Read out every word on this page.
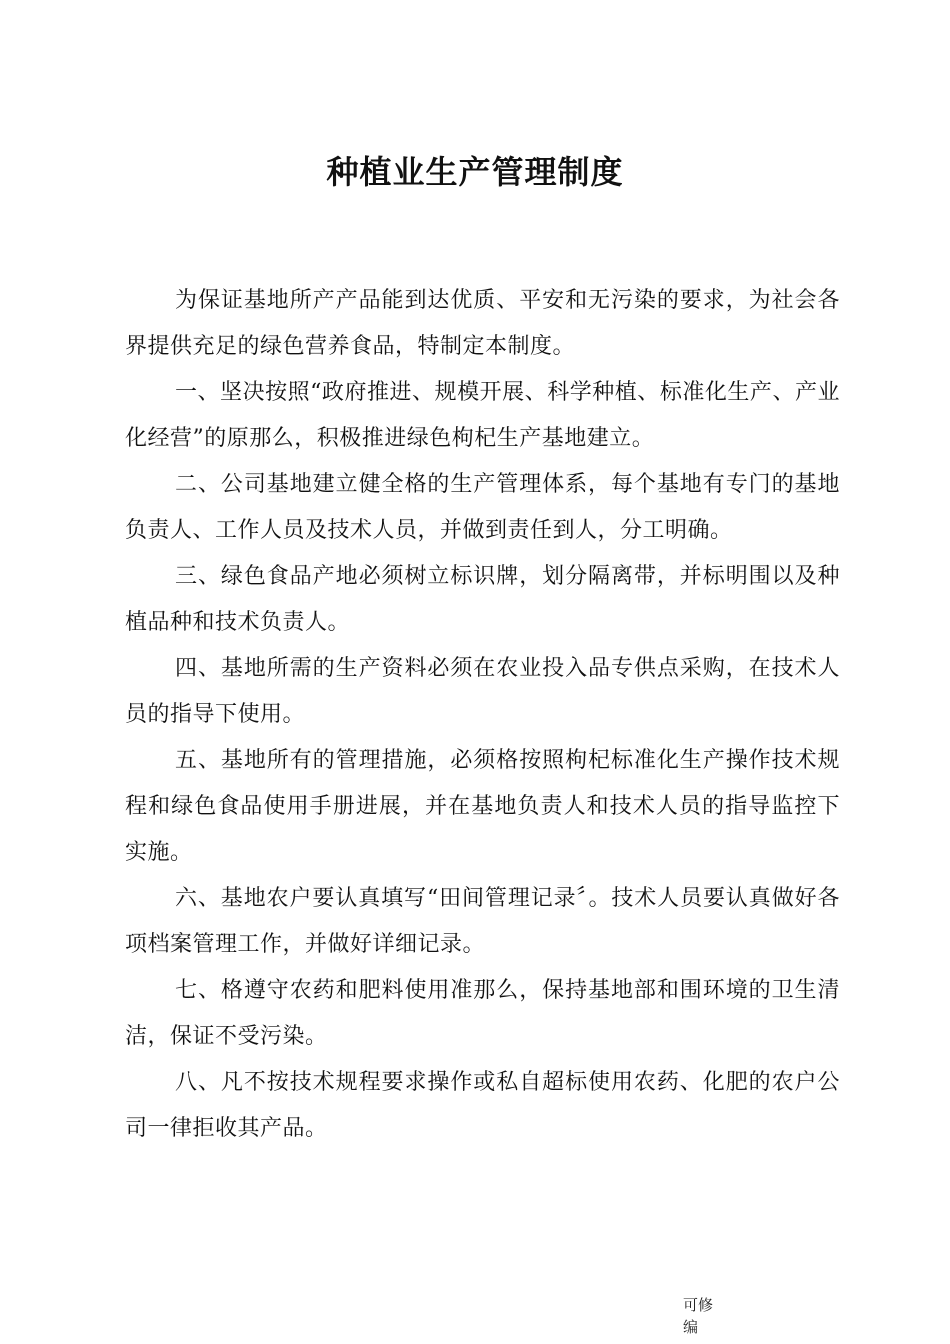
种植业生产管理制度

为保证基地所产产品能到达优质、平安和无污染的要求，为社会各界提供充足的绿色营养食品，特制定本制度。

一、坚决按照“政府推进、规模开展、科学种植、标准化生产、产业化经营”的原那么，积极推进绿色枸杞生产基地建立。

二、公司基地建立健全格的生产管理体系，每个基地有专门的基地负责人、工作人员及技术人员，并做到责任到人，分工明确。

三、绿色食品产地必须树立标识牌，划分隔离带，并标明围以及种植品种和技术负责人。

四、基地所需的生产资料必须在农业投入品专供点采购，在技术人员的指导下使用。

五、基地所有的管理措施，必须格按照枸杞标准化生产操作技术规程和绿色食品使用手册进展，并在基地负责人和技术人员的指导监控下实施。

六、基地农户要认真填写“田间管理记录〞。技术人员要认真做好各项档案管理工作，并做好详细记录。

七、格遵守农药和肥料使用准那么，保持基地部和围环境的卫生清洁，保证不受污染。

八、凡不按技术规程要求操作或私自超标使用农药、化肥的农户公司一律拒收其产品。

可修编
